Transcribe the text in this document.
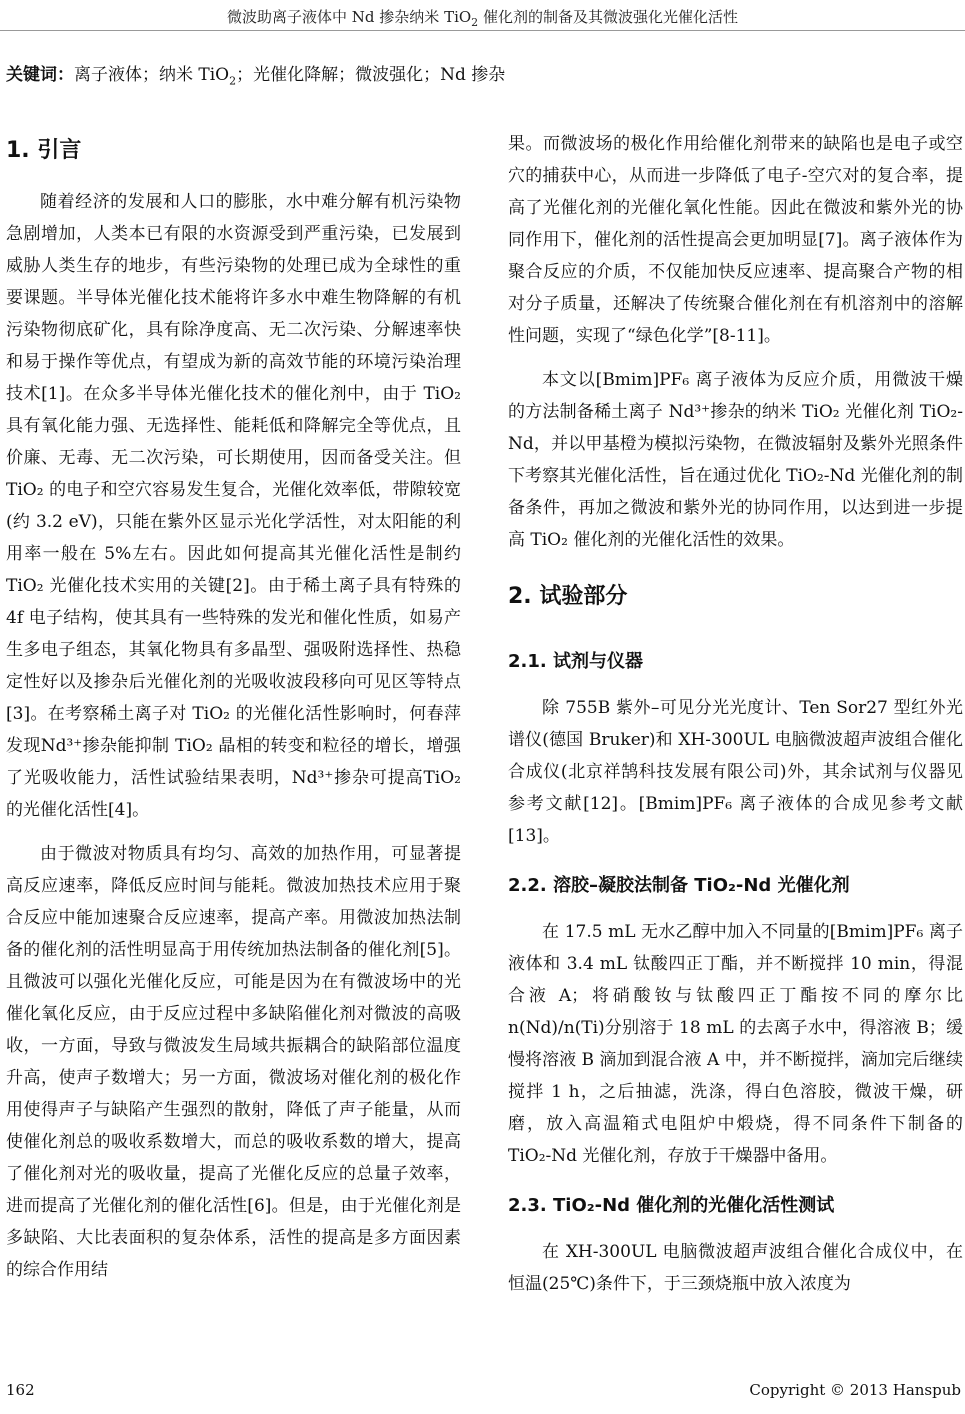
微波助离子液体中 Nd 掺杂纳米 TiO$_2$ 催化剂的制备及其微波强化光催化活性
关键词：离子液体；纳米 TiO$_2$；光催化降解；微波强化；Nd 掺杂
1. 引言

随着经济的发展和人口的膨胀，水中难分解有机污染物急剧增加，人类本已有限的水资源受到严重污染，已发展到威胁人类生存的地步，有些污染物的处理已成为全球性的重要课题。半导体光催化技术能将许多水中难生物降解的有机污染物彻底矿化，具有除净度高、无二次污染、分解速率快和易于操作等优点，有望成为新的高效节能的环境污染治理技术[1]。在众多半导体光催化技术的催化剂中，由于 TiO₂ 具有氧化能力强、无选择性、能耗低和降解完全等优点，且价廉、无毒、无二次污染，可长期使用，因而备受关注。但 TiO₂ 的电子和空穴容易发生复合，光催化效率低，带隙较宽(约 3.2 eV)，只能在紫外区显示光化学活性，对太阳能的利用率一般在 5%左右。因此如何提高其光催化活性是制约 TiO₂ 光催化技术实用的关键[2]。由于稀土离子具有特殊的 4f 电子结构，使其具有一些特殊的发光和催化性质，如易产生多电子组态，其氧化物具有多晶型、强吸附选择性、热稳定性好以及掺杂后光催化剂的光吸收波段移向可见区等特点[3]。在考察稀土离子对 TiO₂ 的光催化活性影响时，何春萍发现Nd³⁺掺杂能抑制 TiO₂ 晶相的转变和粒径的增长，增强了光吸收能力，活性试验结果表明，Nd³⁺掺杂可提高TiO₂ 的光催化活性[4]。

由于微波对物质具有均匀、高效的加热作用，可显著提高反应速率，降低反应时间与能耗。微波加热技术应用于聚合反应中能加速聚合反应速率，提高产率。用微波加热法制备的催化剂的活性明显高于用传统加热法制备的催化剂[5]。且微波可以强化光催化反应，可能是因为在有微波场中的光催化氧化反应，由于反应过程中多缺陷催化剂对微波的高吸收，一方面，导致与微波发生局域共振耦合的缺陷部位温度升高，使声子数增大；另一方面，微波场对催化剂的极化作用使得声子与缺陷产生强烈的散射，降低了声子能量，从而使催化剂总的吸收系数增大，而总的吸收系数的增大，提高了催化剂对光的吸收量，提高了光催化反应的总量子效率，进而提高了光催化剂的催化活性[6]。但是，由于光催化剂是多缺陷、大比表面积的复杂体系，活性的提高是多方面因素的综合作用结

果。而微波场的极化作用给催化剂带来的缺陷也是电子或空穴的捕获中心，从而进一步降低了电子-空穴对的复合率，提高了光催化剂的光催化氧化性能。因此在微波和紫外光的协同作用下，催化剂的活性提高会更加明显[7]。离子液体作为聚合反应的介质，不仅能加快反应速率、提高聚合产物的相对分子质量，还解决了传统聚合催化剂在有机溶剂中的溶解性问题，实现了“绿色化学”[8-11]。

本文以[Bmim]PF₆ 离子液体为反应介质，用微波干燥的方法制备稀土离子 Nd³⁺掺杂的纳米 TiO₂ 光催化剂 TiO₂-Nd，并以甲基橙为模拟污染物，在微波辐射及紫外光照条件下考察其光催化活性，旨在通过优化 TiO₂-Nd 光催化剂的制备条件，再加之微波和紫外光的协同作用，以达到进一步提高 TiO₂ 催化剂的光催化活性的效果。

2. 试验部分
2.1. 试剂与仪器

除 755B 紫外–可见分光光度计、Ten Sor27 型红外光谱仪(德国 Bruker)和 XH-300UL 电脑微波超声波组合催化合成仪(北京祥鹄科技发展有限公司)外，其余试剂与仪器见参考文献[12]。[Bmim]PF₆ 离子液体的合成见参考文献[13]。

2.2. 溶胶–凝胶法制备 TiO₂-Nd 光催化剂

在 17.5 mL 无水乙醇中加入不同量的[Bmim]PF₆ 离子液体和 3.4 mL 钛酸四正丁酯，并不断搅拌 10 min，得混合液 A；将硝酸钕与钛酸四正丁酯按不同的摩尔比 n(Nd)/n(Ti)分别溶于 18 mL 的去离子水中，得溶液 B；缓慢将溶液 B 滴加到混合液 A 中，并不断搅拌，滴加完后继续搅拌 1 h，之后抽滤，洗涤，得白色溶胶，微波干燥，研磨，放入高温箱式电阻炉中煅烧，得不同条件下制备的 TiO₂-Nd 光催化剂，存放于干燥器中备用。

2.3. TiO₂-Nd 催化剂的光催化活性测试

在 XH-300UL 电脑微波超声波组合催化合成仪中，在恒温(25℃)条件下，于三颈烧瓶中放入浓度为

162	Copyright © 2013 Hanspub
